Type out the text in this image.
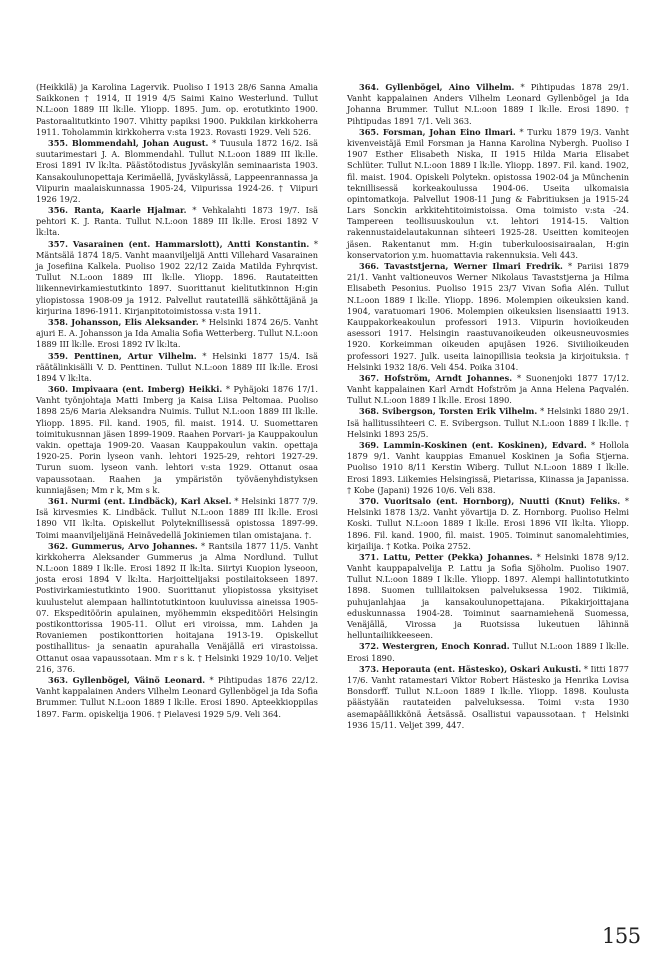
(Heikkilä) ja Karolina Lagervik. Puoliso I 1913 28/6 Sanna Amalia Saikkonen † 1914, II 1919 4/5 Saimi Kaino Westerlund. Tullut N.L:oon 1889 III lk:lle. Yliopp. 1895. Jum. op. erotutkinto 1900. Pastoraalitutkinto 1907. Vihitty papiksi 1900. Pukkilan kirkkoherra 1911. Toholammin kirkkoherra v:sta 1923. Rovasti 1929. Veli 526.

355. Blommendahl, Johan August. * Tuusula 1872 16/2. Isä suutarimestari J. A. Blommendahl. Tullut N.L:oon 1889 III lk:lle. Erosi 1891 IV lk:lta. Päästötodistus Jyväskylän seminaarista 1903. Kansakoulunopettaja Kerimäellä, Jyväskylässä, Lappeenrannassa ja Viipurin maalaiskunnassa 1905-24, Viipurissa 1924-26. † Viipuri 1926 19/2.

356. Ranta, Kaarle Hjalmar. * Vehkalahti 1873 19/7. Isä pehtori K. J. Ranta. Tullut N.L:oon 1889 III lk:lle. Erosi 1892 V lk:lta.

357. Vasarainen (ent. Hammarslott), Antti Konstantin. * Mäntsälä 1874 18/5. Vanht maanviljelijä Antti Villehard Vasarainen ja Josefiina Kalkela. Puoliso 1902 22/12 Zaida Matilda Fyhrqvist. Tullut N.L:oon 1889 III lk:lle. Yliopp. 1896. Rautateitten liikennevirkamiestutkinto 1897. Suorittanut kielitutkinnon H:gin yliopistossa 1908-09 ja 1912. Palvellut rautateillä sähköttäjänä ja kirjurina 1896-1911. Kirjanpitotoimistossa v:sta 1911.

358. Johansson, Elis Aleksander. * Helsinki 1874 26/5. Vanht ajuri E. A. Johansson ja Ida Amalia Sofia Wetterberg. Tullut N.L:oon 1889 III lk:lle. Erosi 1892 IV lk:lta.

359. Penttinen, Artur Vilhelm. * Helsinki 1877 15/4. Isä räätälinkisälli V. D. Penttinen. Tullut N.L:oon 1889 III lk:lle. Erosi 1894 V lk:lta.

360. Impivaara (ent. Imberg) Heikki. * Pyhäjoki 1876 17/1. Vanht työnjohtaja Matti Imberg ja Kaisa Liisa Peltomaa. Puoliso 1898 25/6 Maria Aleksandra Nuimis. Tullut N.L:oon 1889 III lk:lle. Yliopp. 1895. Fil. kand. 1905, fil. maist. 1914. U. Suomettaren toimitukusnnan jäsen 1899-1909. Raahen Porvari- ja Kauppakoulun vakin. opettaja 1909-20. Vaasan Kauppakoulun vakin. opettaja 1920-25. Porin lyseon vanh. lehtori 1925-29, rehtori 1927-29. Turun suom. lyseon vanh. lehtori v:sta 1929. Ottanut osaa vapaussotaan. Raahen ja ympäristön työväenyhdistyksen kunniajäsen; Mm r k, Mm s k.

361. Nurmi (ent. Lindbäck), Karl Aksel. * Helsinki 1877 7/9. Isä kirvesmies K. Lindbäck. Tullut N.L:oon 1889 III lk:lle. Erosi 1890 VII lk:lta. Opiskellut Polyteknillisessä opistossa 1897-99. Toimi maanviljelijänä Heinävedellä Jokiniemen tilan omistajana. †.

362. Gummerus, Arvo Johannes. * Rantsila 1877 11/5. Vanht kirkkoherra Aleksander Gummerus ja Alma Nordlund. Tullut N.L:oon 1889 I lk:lle. Erosi 1892 II lk:lta. Siirtyi Kuopion lyseoon, josta erosi 1894 V lk:lta. Harjoittelijaksi postilaitokseen 1897. Postivirkamiestutkinto 1900. Suorittanut yliopistossa yksityiset kuulustelut alempaan hallintotutkintoon kuuluvissa aineissa 1905-07. Ekspeditöörin apulainen, myöhemmin ekspeditööri Helsingin postikonttorissa 1905-11. Ollut eri viroissa, mm. Lahden ja Rovaniemen postikonttorien hoitajana 1913-19. Opiskellut postihallitus- ja senaatin apurahalla Venäjällä eri virastoissa. Ottanut osaa vapaussotaan. Mm r s k. † Helsinki 1929 10/10. Veljet 216, 376.

363. Gyllenbögel, Väinö Leonard. * Pihtipudas 1876 22/12. Vanht kappalainen Anders Vilhelm Leonard Gyllenbögel ja Ida Sofia Brummer. Tullut N.L:oon 1889 I lk:lle. Erosi 1890. Apteekkioppilas 1897. Farm. opiskelija 1906. † Pielavesi 1929 5/9. Veli 364.

364. Gyllenbögel, Aino Vilhelm. * Pihtipudas 1878 29/1. Vanht kappalainen Anders Vilhelm Leonard Gyllenbögel ja Ida Johanna Brummer. Tullut N.L:oon 1889 I lk:lle. Erosi 1890. † Pihtipudas 1891 7/1. Veli 363.

365. Forsman, Johan Eino Ilmari. * Turku 1879 19/3. Vanht kivenveistäjä Emil Forsman ja Hanna Karolina Nybergh. Puoliso I 1907 Esther Elisabeth Niska, II 1915 Hilda Maria Elisabet Schlüter. Tullut N.L:oon 1889 I lk:lle. Yliopp. 1897. Fil. kand. 1902, fil. maist. 1904. Opiskeli Polytekn. opistossa 1902-04 ja Münchenin teknillisessä korkeakoulussa 1904-06. Useita ulkomaisia opintomatkoja. Palvellut 1908-11 Jung & Fabritiuksen ja 1915-24 Lars Sonckin arkkitehtitoimistoissa. Oma toimisto v:sta -24. Tampereen teollisuuskoulun v.t. lehtori 1914-15. Valtion rakennustaidelautakunnan sihteeri 1925-28. Useitten komiteojen jäsen. Rakentanut mm. H:gin tuberkuloosisairaalan, H:gin konservatorion y.m. huomattavia rakennuksia. Veli 443.

366. Tavaststjerna, Werner Ilmari Fredrik. * Pariisi 1879 21/1. Vanht valtioneuvos Werner Nikolaus Tavaststjerna ja Hilma Elisabeth Pesonius. Puoliso 1915 23/7 Vivan Sofia Alén. Tullut N.L:oon 1889 I lk:lle. Yliopp. 1896. Molempien oikeuksien kand. 1904, varatuomari 1906. Molempien oikeuksien lisensiaatti 1913. Kauppakorkeakoulun professori 1913. Viipurin hovioikeuden asessori 1917. Helsingin raastuvanoikeuden oikeusneuvosmies 1920. Korkeimman oikeuden apujäsen 1926. Siviilioikeuden professori 1927. Julk. useita lainopillisia teoksia ja kirjoituksia. † Helsinki 1932 18/6. Veli 454. Poika 3104.

367. Hofström, Arndt Johannes. * Suonenjoki 1877 17/12. Vanht kappalainen Karl Arndt Hofström ja Anna Helena Paqvalén. Tullut N.L:oon 1889 I lk:lle. Erosi 1890.

368. Svibergson, Torsten Erik Vilhelm. * Helsinki 1880 29/1. Isä hallitussihteeri C. E. Svibergson. Tullut N.L:oon 1889 I lk:lle. † Helsinki 1893 25/5.

369. Lammin-Koskinen (ent. Koskinen), Edvard. * Hollola 1879 9/1. Vanht kauppias Emanuel Koskinen ja Sofia Stjerna. Puoliso 1910 8/11 Kerstin Wiberg. Tullut N.L:oon 1889 I lk:lle. Erosi 1893. Liikemies Helsingissä, Pietarissa, Kiinassa ja Japanissa. † Kobe (Japani) 1926 10/6. Veli 838.

370. Vuoritsalo (ent. Hornborg), Nuutti (Knut) Feliks. * Helsinki 1878 13/2. Vanht yövartija D. Z. Hornborg. Puoliso Helmi Koski. Tullut N.L:oon 1889 I lk:lle. Erosi 1896 VII lk:lta. Yliopp. 1896. Fil. kand. 1900, fil. maist. 1905. Toiminut sanomalehtimies, kirjailija. † Kotka. Poika 2752.

371. Lattu, Petter (Pekka) Johannes. * Helsinki 1878 9/12. Vanht kauppapalvelija P. Lattu ja Sofia Sjöholm. Puoliso 1907. Tullut N.L:oon 1889 I lk:lle. Yliopp. 1897. Alempi hallintotutkinto 1898. Suomen tullilaitoksen palveluksessa 1902. Tiikimiä, puhujanlahjaa ja kansakoulunopettajana. Pikakirjoittajana eduskunnassa 1904-28. Toiminut saarnamiehenä Suomessa, Venäjällä, Virossa ja Ruotsissa lukeutuen lähinnä helluntailiikkeeseen.

372. Westergren, Enoch Konrad. Tullut N.L:oon 1889 I lk:lle. Erosi 1890.

373. Heporauta (ent. Hästesko), Oskari Aukusti. * Iitti 1877 17/6. Vanht ratamestari Viktor Robert Hästesko ja Henrika Lovisa Bonsdorff. Tullut N.L:oon 1889 I lk:lle. Yliopp. 1898. Koulusta päästyään rautateiden palveluksessa. Toimi v:sta 1930 asemapäällikkönä Äetsässä. Osallistui vapaussotaan. † Helsinki 1936 15/11. Veljet 399, 447.

155
